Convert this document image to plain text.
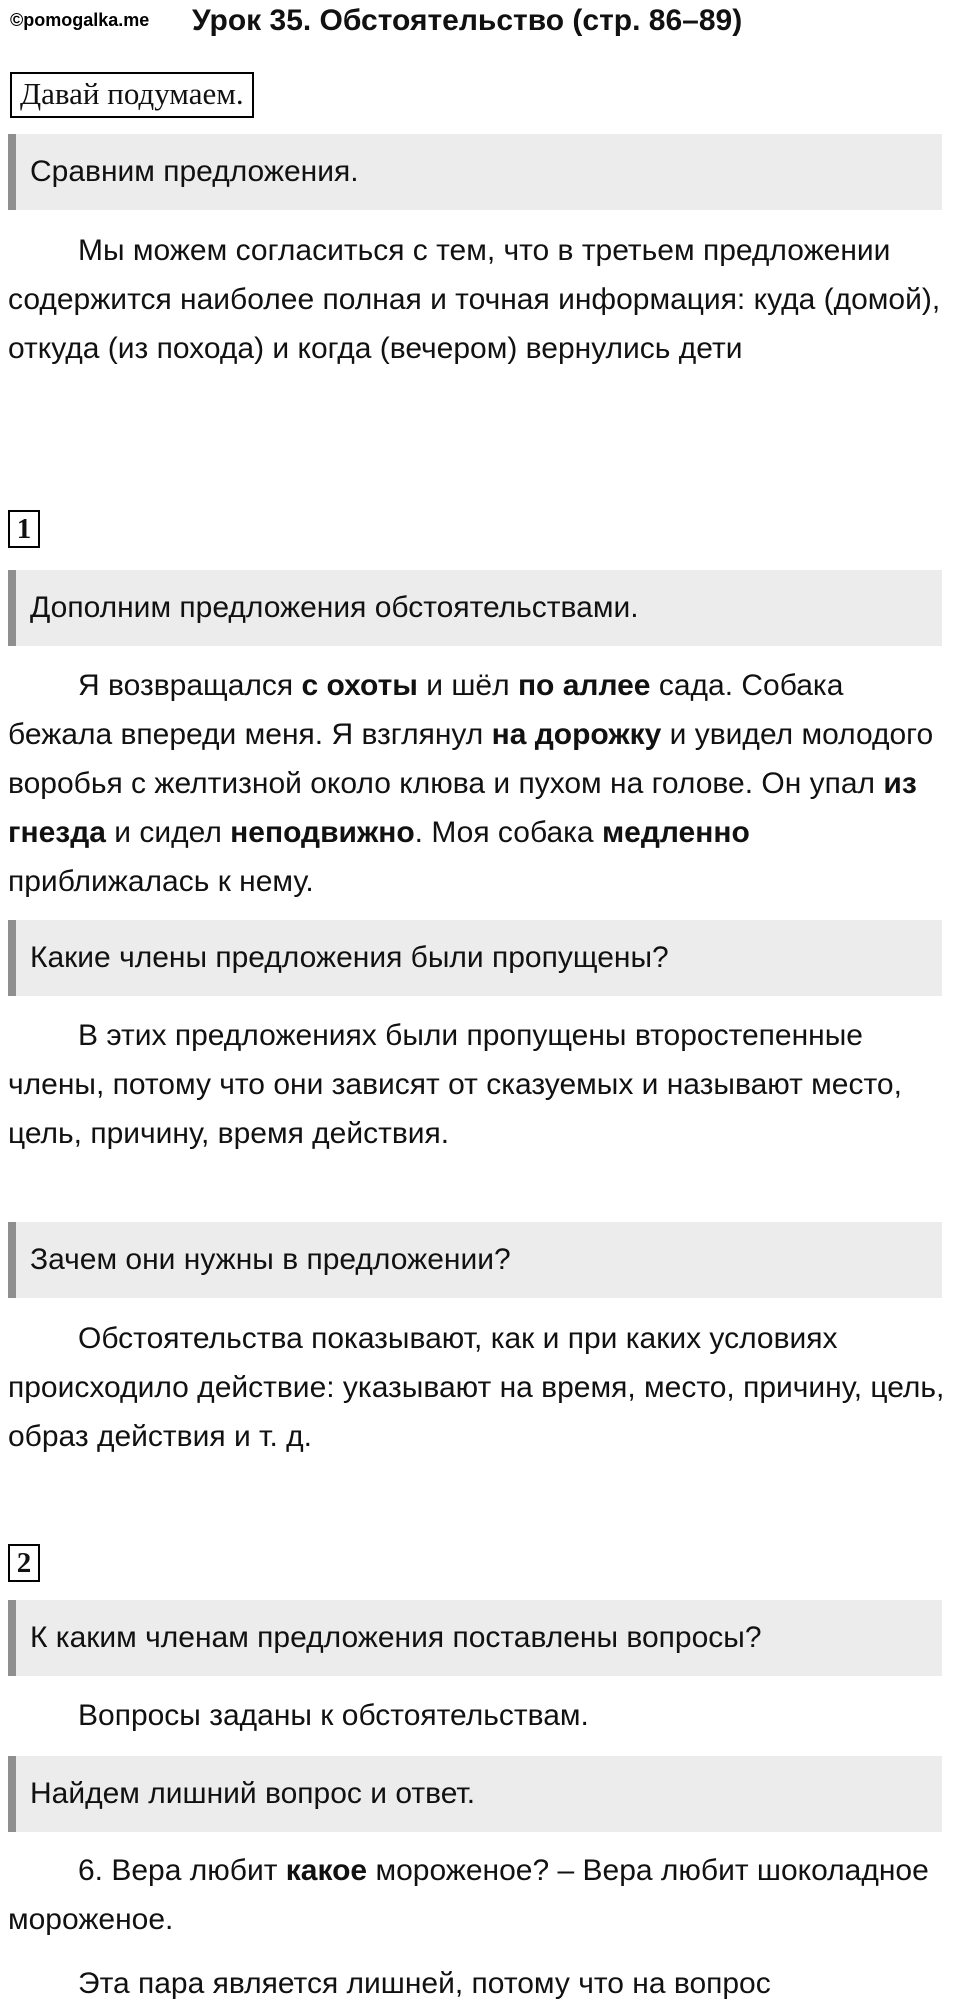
©pomogalka.me Урок 35. Обстоятельство (стр. 86–89)
Давай подумаем.
Сравним предложения.

Мы можем согласиться с тем, что в третьем предложении содержится наиболее полная и точная информация: куда (домой), откуда (из похода) и когда (вечером) вернулись дети

1
Дополним предложения обстоятельствами.

Я возвращался с охоты и шёл по аллее сада. Собака бежала впереди меня. Я взглянул на дорожку и увидел молодого воробья с желтизной около клюва и пухом на голове. Он упал из гнезда и сидел неподвижно. Моя собака медленно приближалась к нему.

Какие члены предложения были пропущены?

В этих предложениях были пропущены второстепенные члены, потому что они зависят от сказуемых и называют место, цель, причину, время действия.

Зачем они нужны в предложении?

Обстоятельства показывают, как и при каких условиях происходило действие: указывают на время, место, причину, цель, образ действия и т. д.

2
К каким членам предложения поставлены вопросы?

Вопросы заданы к обстоятельствам.

Найдем лишний вопрос и ответ.

6. Вера любит какое мороженое? – Вера любит шоколадное мороженое.

Эта пара является лишней, потому что на вопрос
